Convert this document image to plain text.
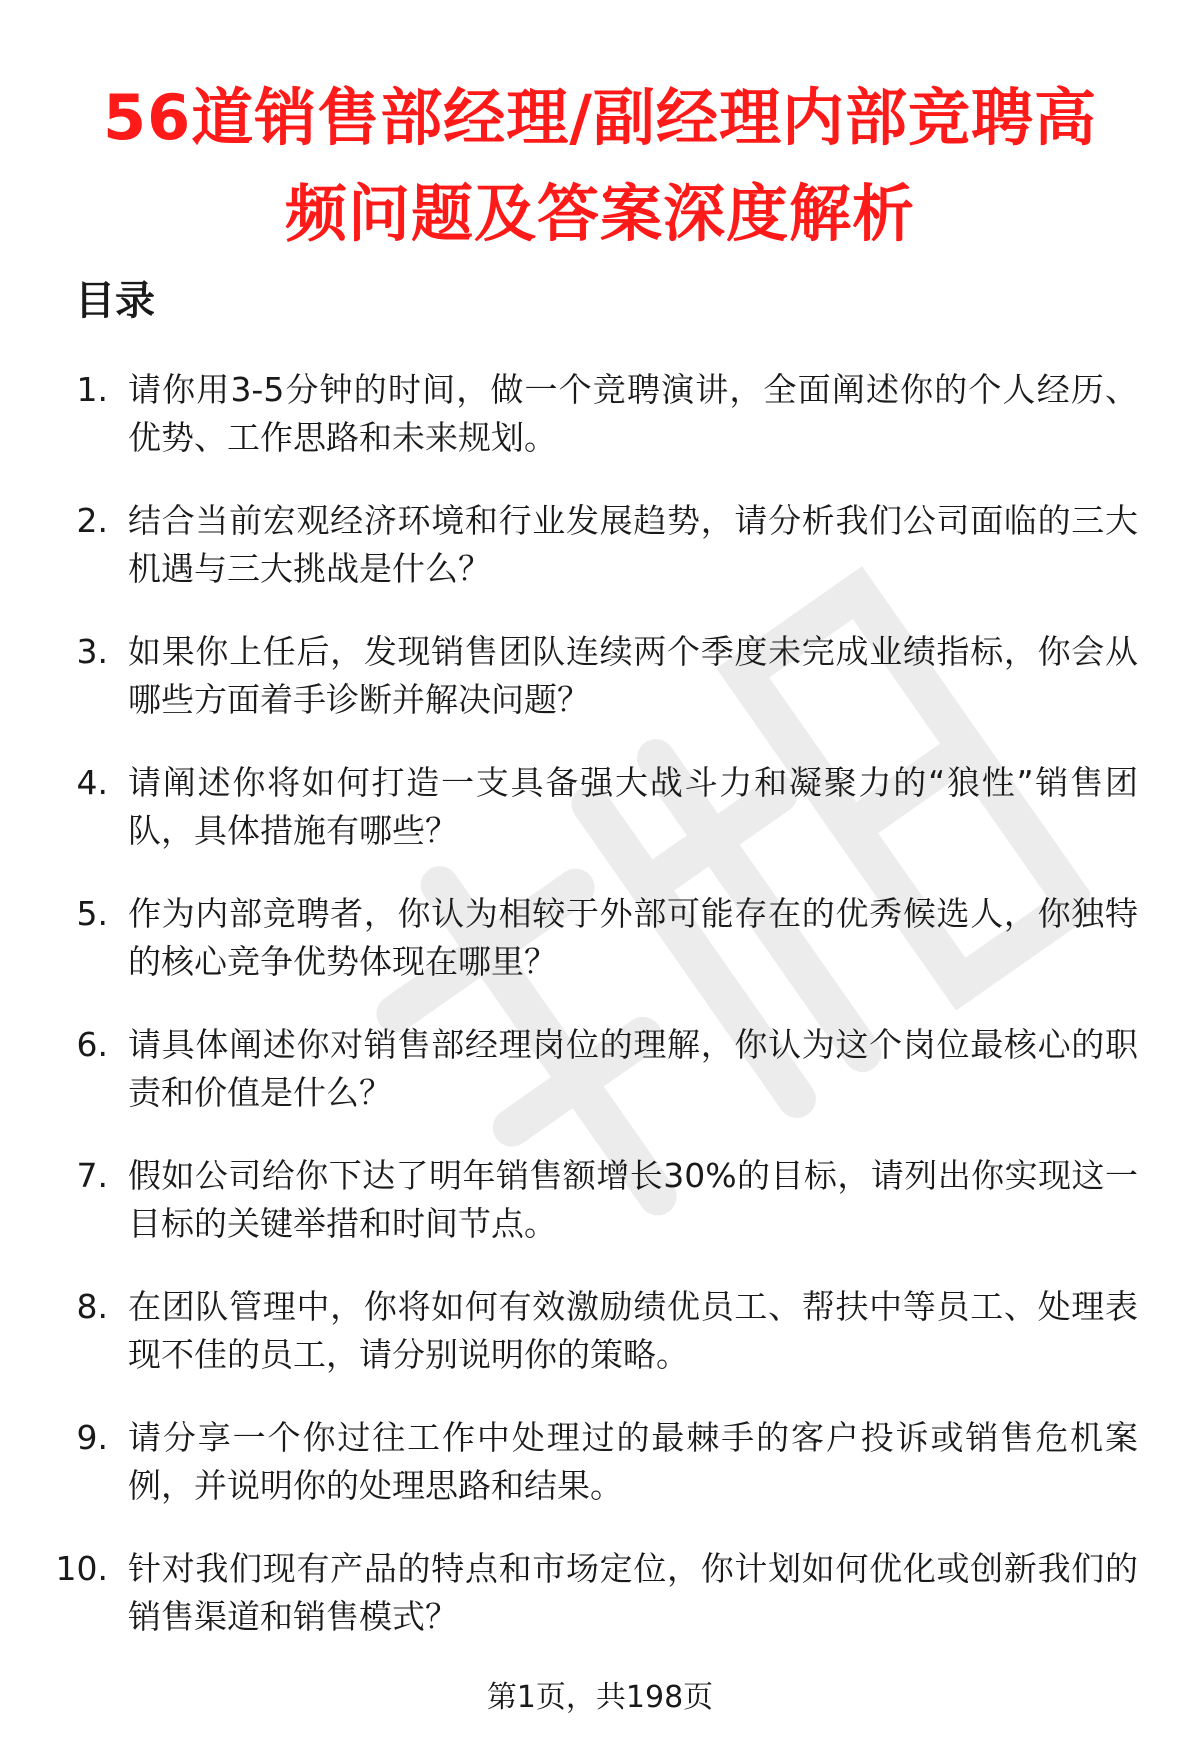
56道销售部经理/副经理内部竞聘高
频问题及答案深度解析
目录
1. 请你用3-5分钟的时间，做一个竞聘演讲，全面阐述你的个人经历、优势、工作思路和未来规划。
2. 结合当前宏观经济环境和行业发展趋势，请分析我们公司面临的三大机遇与三大挑战是什么？
3. 如果你上任后，发现销售团队连续两个季度未完成业绩指标，你会从哪些方面着手诊断并解决问题？
4. 请阐述你将如何打造一支具备强大战斗力和凝聚力的“狼性”销售团队，具体措施有哪些？
5. 作为内部竞聘者，你认为相较于外部可能存在的优秀候选人，你独特的核心竞争优势体现在哪里？
6. 请具体阐述你对销售部经理岗位的理解，你认为这个岗位最核心的职责和价值是什么？
7. 假如公司给你下达了明年销售额增长30%的目标，请列出你实现这一目标的关键举措和时间节点。
8. 在团队管理中，你将如何有效激励绩优员工、帮扶中等员工、处理表现不佳的员工，请分别说明你的策略。
9. 请分享一个你过往工作中处理过的最棘手的客户投诉或销售危机案例，并说明你的处理思路和结果。
10. 针对我们现有产品的特点和市场定位，你计划如何优化或创新我们的销售渠道和销售模式？
第1页，共198页
